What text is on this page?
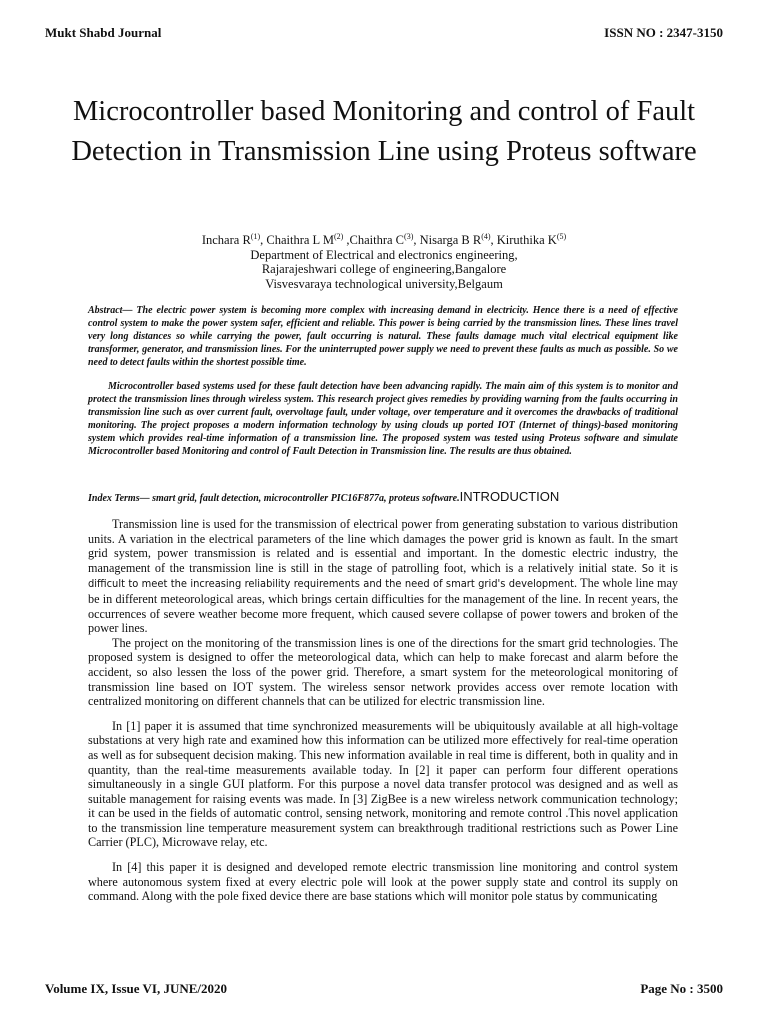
Mukt Shabd Journal	ISSN NO : 2347-3150
Microcontroller based Monitoring and control of Fault Detection in Transmission Line using Proteus software
Inchara $R^{(1)}$, Chaithra L $M^{(2)}$ ,Chaithra $C^{(3)}$, Nisarga B $R^{(4)}$, Kiruthika $K^{(5)}$
Department of Electrical and electronics engineering,
Rajarajeshwari college of engineering,Bangalore
Visvesvaraya technological university,Belgaum

Abstract— The electric power system is becoming more complex with increasing demand in electricity. Hence there is a need of effective control system to make the power system safer, efficient and reliable. This power is being carried by the transmission lines. These lines travel very long distances so while carrying the power, fault occurring is natural. These faults damage much vital electrical equipment like transformer, generator, and transmission lines. For the uninterrupted power supply we need to prevent these faults as much as possible. So we need to detect faults within the shortest possible time.

Microcontroller based systems used for these fault detection have been advancing rapidly. The main aim of this system is to monitor and protect the transmission lines through wireless system. This research project gives remedies by providing warning from the faults occurring in transmission line such as over current fault, overvoltage fault, under voltage, over temperature and it overcomes the drawbacks of traditional monitoring. The project proposes a modern information technology by using clouds up ported IOT (Internet of things)-based monitoring system which provides real-time information of a transmission line. The proposed system was tested using Proteus software and simulate Microcontroller based Monitoring and control of Fault Detection in Transmission line. The results are thus obtained.

Index Terms— smart grid, fault detection, microcontroller PIC16F877a, proteus software.INTRODUCTION

Transmission line is used for the transmission of electrical power from generating substation to various distribution units. A variation in the electrical parameters of the line which damages the power grid is known as fault. In the smart grid system, power transmission is related and is essential and important. In the domestic electric industry, the management of the transmission line is still in the stage of patrolling foot, which is a relatively initial state. So it is difficult to meet the increasing reliability requirements and the need of smart grid's development. The whole line may be in different meteorological areas, which brings certain difficulties for the management of the line. In recent years, the occurrences of severe weather become more frequent, which caused severe collapse of power towers and broken of the power lines.

The project on the monitoring of the transmission lines is one of the directions for the smart grid technologies. The proposed system is designed to offer the meteorological data, which can help to make forecast and alarm before the accident, so also lessen the loss of the power grid. Therefore, a smart system for the meteorological monitoring of transmission line based on IOT system. The wireless sensor network provides access over remote location with centralized monitoring on different channels that can be utilized for electric transmission line.

In [1] paper it is assumed that time synchronized measurements will be ubiquitously available at all high-voltage substations at very high rate and examined how this information can be utilized more effectively for real-time operation as well as for subsequent decision making. This new information available in real time is different, both in quality and in quantity, than the real-time measurements available today. In [2] it paper can perform four different operations simultaneously in a single GUI platform. For this purpose a novel data transfer protocol was designed and as well as suitable management for raising events was made. In [3] ZigBee is a new wireless network communication technology; it can be used in the fields of automatic control, sensing network, monitoring and remote control .This novel application to the transmission line temperature measurement system can breakthrough traditional restrictions such as Power Line Carrier (PLC), Microwave relay, etc.

In [4] this paper it is designed and developed remote electric transmission line monitoring and control system where autonomous system fixed at every electric pole will look at the power supply state and control its supply on command. Along with the pole fixed device there are base stations which will monitor pole status by communicating

Volume IX, Issue VI, JUNE/2020	Page No : 3500
